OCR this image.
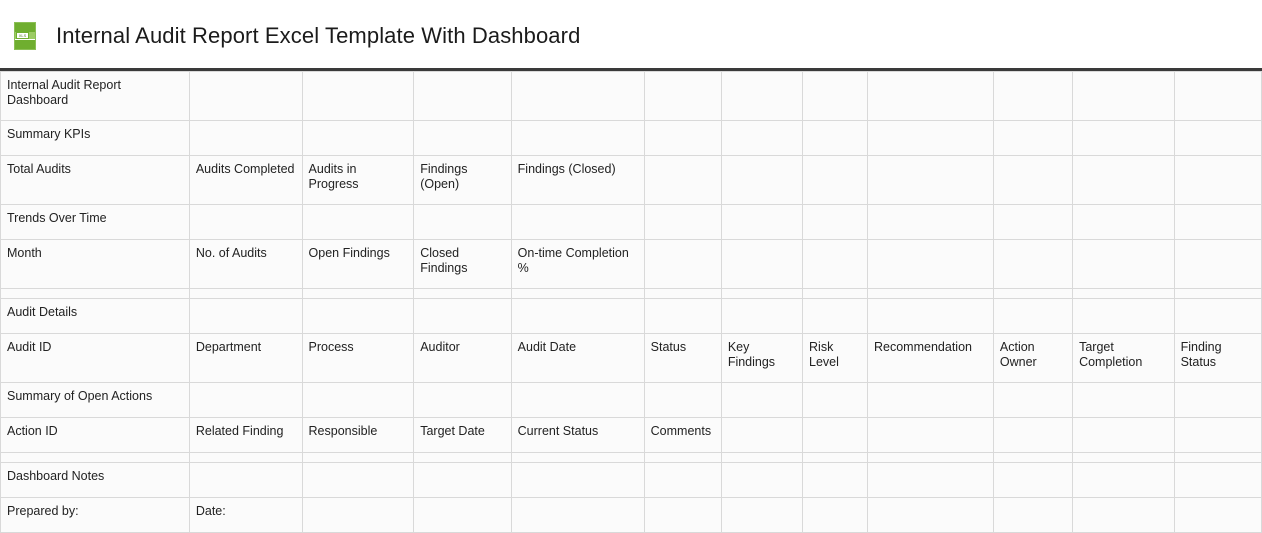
XLS Internal Audit Report Excel Template With Dashboard
Internal Audit Report Dashboard											

Summary KPIs											

Total Audits	Audits Completed	Audits in Progress	Findings (Open)	Findings (Closed)							

Trends Over Time											

Month	No. of Audits	Open Findings	Closed Findings	On-time Completion %							

Audit Details											

Audit ID	Department	Process	Auditor	Audit Date	Status	Key Findings	Risk Level	Recommendation	Action Owner	Target Completion	Finding Status

Summary of Open Actions											

Action ID	Related Finding	Responsible	Target Date	Current Status	Comments						

Dashboard Notes											

Prepared by:	Date:										
